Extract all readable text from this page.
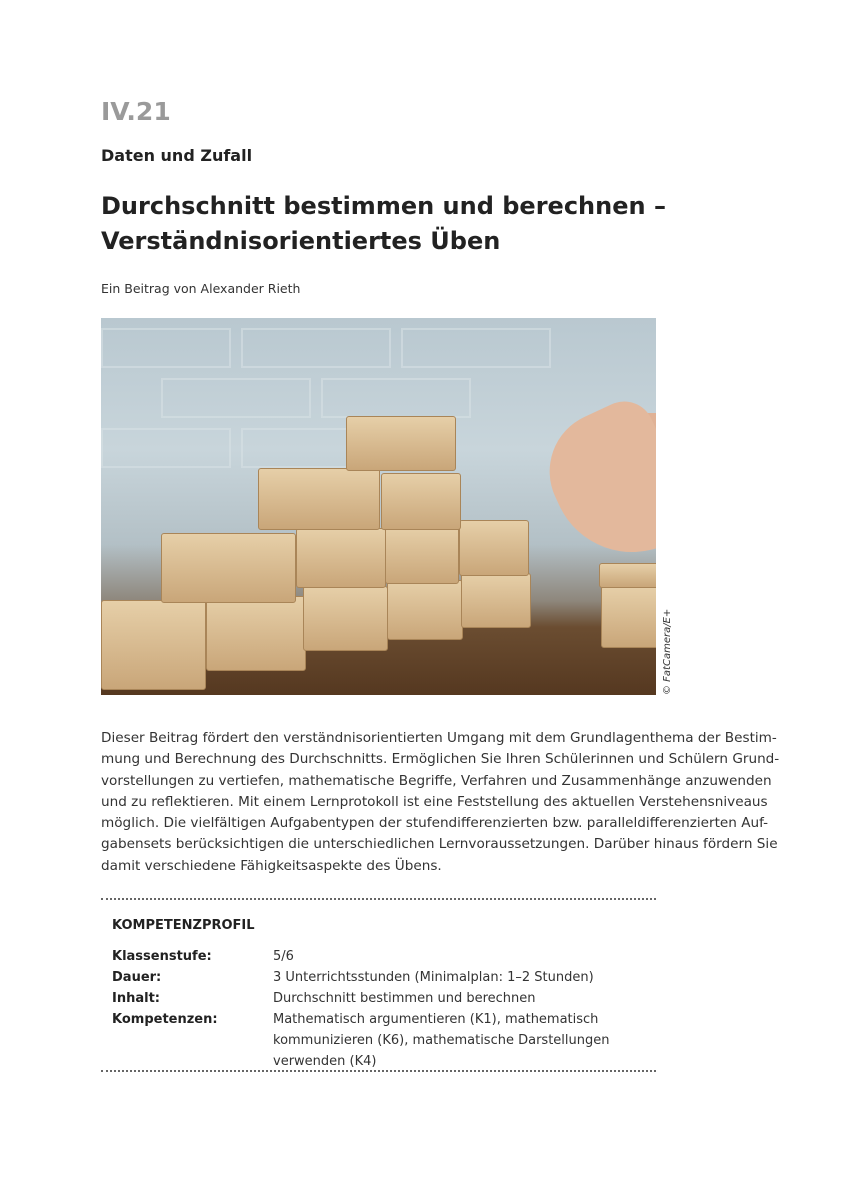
IV.21
Daten und Zufall
Durchschnitt bestimmen und berechnen –
Verständnisorientiertes Üben
Ein Beitrag von Alexander Rieth
© FatCamera/E+
Dieser Beitrag fördert den verständnisorientierten Umgang mit dem Grundlagenthema der Bestim-
mung und Berechnung des Durchschnitts. Ermöglichen Sie Ihren Schülerinnen und Schülern Grund-
vorstellungen zu vertiefen, mathematische Begriffe, Verfahren und Zusammenhänge anzuwenden
und zu reflektieren. Mit einem Lernprotokoll ist eine Feststellung des aktuellen Verstehensniveaus
möglich. Die vielfältigen Aufgabentypen der stufendifferenzierten bzw. paralleldifferenzierten Auf-
gabensets berücksichtigen die unterschiedlichen Lernvoraussetzungen. Darüber hinaus fördern Sie
damit verschiedene Fähigkeitsaspekte des Übens.
KOMPETENZPROFIL
Klassenstufe:	5/6
Dauer:	3 Unterrichtsstunden (Minimalplan: 1–2 Stunden)
Inhalt:	Durchschnitt bestimmen und berechnen
Kompetenzen:	Mathematisch argumentieren (K1), mathematisch kommunizieren (K6), mathematische Darstellungen verwenden (K4)
